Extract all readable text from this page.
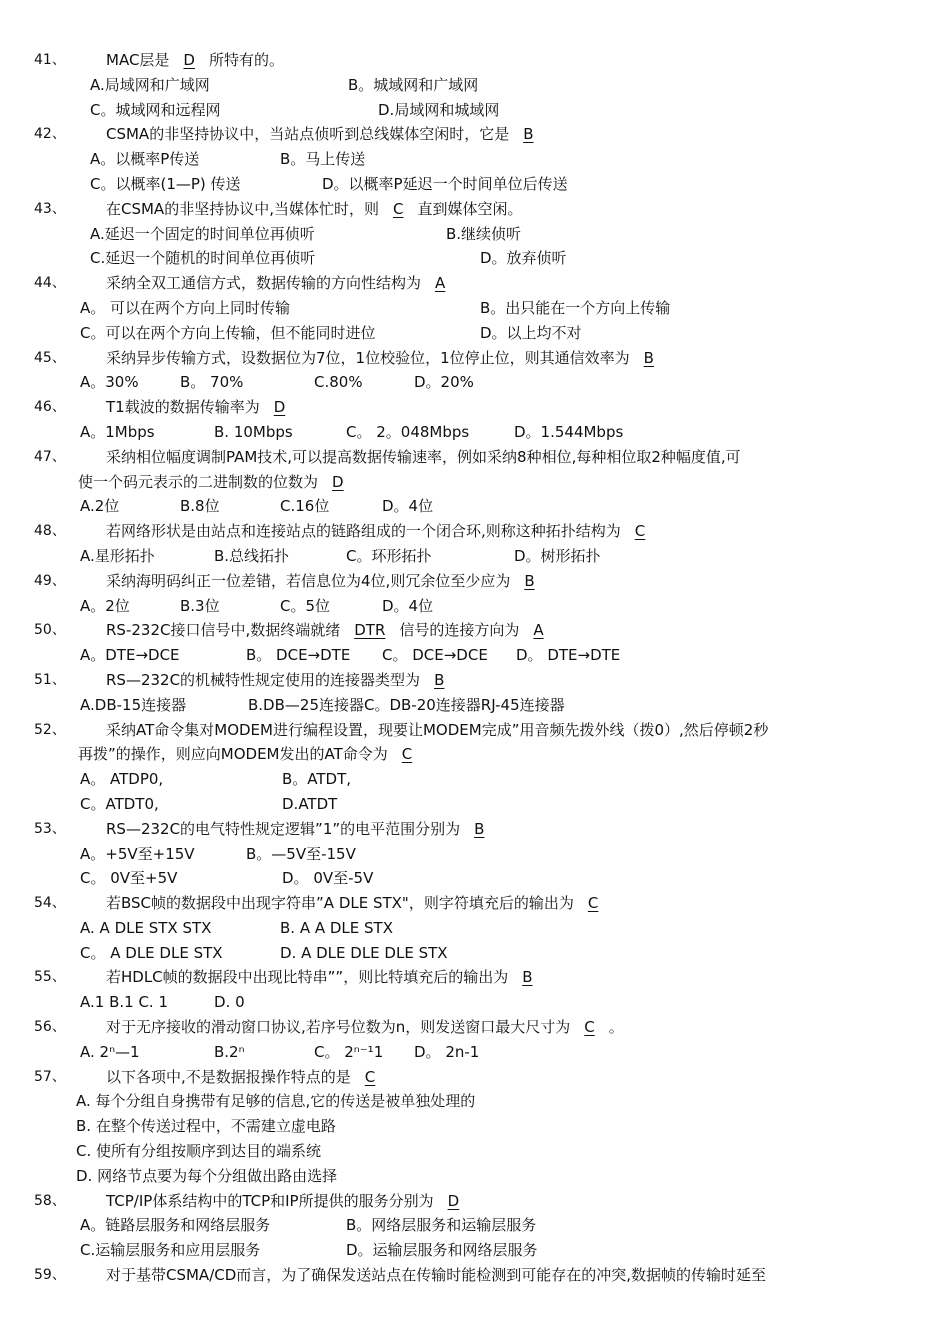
41、	MAC层是 D 所特有的。
A.局域网和广域网	B。城域网和广域网
C。城域网和远程网	D.局域网和城域网
42、	CSMA的非坚持协议中，当站点侦听到总线媒体空闲时，它是 B
A。以概率P传送	B。马上传送
C。以概率(1—P) 传送	D。以概率P延迟一个时间单位后传送
43、	在CSMA的非坚持协议中,当媒体忙时，则 C 直到媒体空闲。
A.延迟一个固定的时间单位再侦听	B.继续侦听
C.延迟一个随机的时间单位再侦听	D。放弃侦听
44、	采纳全双工通信方式，数据传输的方向性结构为 A
A。 可以在两个方向上同时传输	B。出只能在一个方向上传输
C。可以在两个方向上传输，但不能同时进位	D。以上均不对
45、	采纳异步传输方式，设数据位为7位，1位校验位，1位停止位，则其通信效率为 B
A。30%	B。 70%	C.80%	D。20%
46、	T1载波的数据传输率为 D
A。1Mbps	B. 10Mbps	C。 2。048Mbps	D。1.544Mbps
47、	采纳相位幅度调制PAM技术,可以提高数据传输速率，例如采纳8种相位,每种相位取2种幅度值,可
使一个码元表示的二进制数的位数为 D
A.2位	B.8位	C.16位	D。4位
48、	若网络形状是由站点和连接站点的链路组成的一个闭合环,则称这种拓扑结构为 C
A.星形拓扑	B.总线拓扑	C。环形拓扑	D。树形拓扑
49、	采纳海明码纠正一位差错，若信息位为4位,则冗余位至少应为 B
A。2位	B.3位	C。5位	D。4位
50、	RS-232C接口信号中,数据终端就绪 DTR 信号的连接方向为 A
A。DTE→DCE	B。 DCE→DTE C。 DCE→DCE D。 DTE→DTE
51、	RS—232C的机械特性规定使用的连接器类型为 B
A.DB-15连接器	B.DB—25连接器C。DB-20连接器RJ-45连接器
52、	采纳AT命令集对MODEM进行编程设置，现要让MODEM完成”用音频先拨外线（拨0）,然后停顿2秒
再拨”的操作，则应向MODEM发出的AT命令为 C
A。 ATDP0,	B。ATDT,
C。ATDT0,	D.ATDT
53、	RS—232C的电气特性规定逻辑”1”的电平范围分别为 B
A。+5V至+15V	B。—5V至-15V
C。 0V至+5V	D。 0V至-5V
54、	若BSC帧的数据段中出现字符串”A DLE STX"，则字符填充后的输出为 C
A. A DLE STX STX	B. A A DLE STX
C。 A DLE DLE STX	D. A DLE DLE DLE STX
55、	若HDLC帧的数据段中出现比特串””，则比特填充后的输出为 B
A.1 B.1 C. 1	D. 0
56、	对于无序接收的滑动窗口协议,若序号位数为n，则发送窗口最大尺寸为 C 。
A. 2ⁿ—1	B.2ⁿ	C。 2ⁿ⁻¹1 D。 2n-1
57、	以下各项中,不是数据报操作特点的是 C
A. 每个分组自身携带有足够的信息,它的传送是被单独处理的
B. 在整个传送过程中，不需建立虚电路
C. 使所有分组按顺序到达目的端系统
D. 网络节点要为每个分组做出路由选择
58、	TCP/IP体系结构中的TCP和IP所提供的服务分别为 D
A。链路层服务和网络层服务	B。网络层服务和运输层服务
C.运输层服务和应用层服务	D。运输层服务和网络层服务
59、	对于基带CSMA/CD而言，为了确保发送站点在传输时能检测到可能存在的冲突,数据帧的传输时延至
